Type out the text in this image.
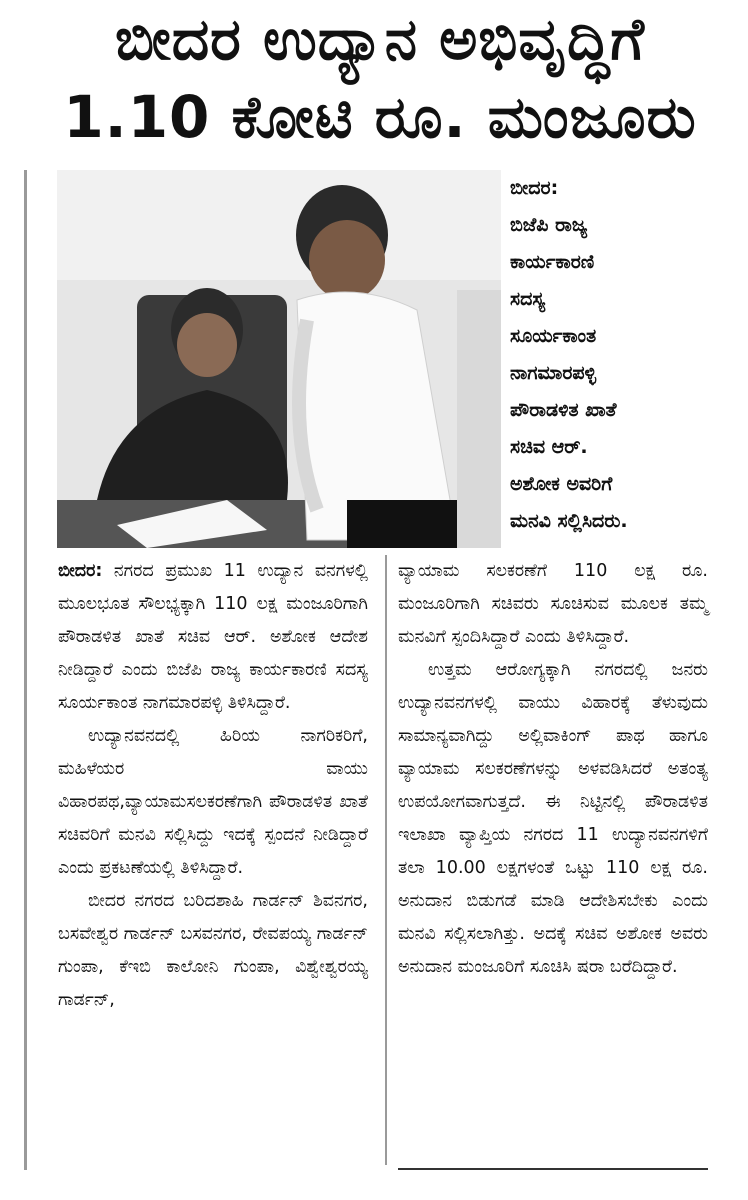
ಬೀದರ ಉದ್ಯಾನ ಅಭಿವೃದ್ಧಿಗೆ
1.10 ಕೋಟಿ ರೂ. ಮಂಜೂರು
ಬೀದರ:
ಬಿಜೆಪಿ ರಾಜ್ಯ
ಕಾರ್ಯಕಾರಣಿ
ಸದಸ್ಯ
ಸೂರ್ಯಕಾಂತ
ನಾಗಮಾರಪಳ್ಳಿ
ಪೌರಾಡಳಿತ ಖಾತೆ
ಸಚಿವ ಆರ್.
ಅಶೋಕ ಅವರಿಗೆ
ಮನವಿ ಸಲ್ಲಿಸಿದರು.

ಬೀದರ: ನಗರದ ಪ್ರಮುಖ 11 ಉದ್ಯಾನ ವನಗಳಲ್ಲಿ ಮೂಲಭೂತ ಸೌಲಭ್ಯಕ್ಕಾಗಿ 110 ಲಕ್ಷ ಮಂಜೂರಿಗಾಗಿ ಪೌರಾಡಳಿತ ಖಾತೆ ಸಚಿವ ಆರ್. ಅಶೋಕ ಆದೇಶ ನೀಡಿದ್ದಾರೆ ಎಂದು ಬಿಜೆಪಿ ರಾಜ್ಯ ಕಾರ್ಯಕಾರಣಿ ಸದಸ್ಯ ಸೂರ್ಯಕಾಂತ ನಾಗಮಾರಪಳ್ಳಿ ತಿಳಿಸಿದ್ದಾರೆ.

ಉದ್ಯಾನವನದಲ್ಲಿ ಹಿರಿಯ ನಾಗರಿಕರಿಗೆ, ಮಹಿಳೆಯರ ವಾಯು ವಿಹಾರಪಥ,ವ್ಯಾಯಾಮಸಲಕರಣೆಗಾಗಿ ಪೌರಾಡಳಿತ ಖಾತೆ ಸಚಿವರಿಗೆ ಮನವಿ ಸಲ್ಲಿಸಿದ್ದು ಇದಕ್ಕೆ ಸ್ಪಂದನೆ ನೀಡಿದ್ದಾರೆ ಎಂದು ಪ್ರಕಟಣೆಯಲ್ಲಿ ತಿಳಿಸಿದ್ದಾರೆ.

ಬೀದರ ನಗರದ ಬರಿದಶಾಹಿ ಗಾರ್ಡನ್ ಶಿವನಗರ, ಬಸವೇಶ್ವರ ಗಾರ್ಡನ್ ಬಸವನಗರ, ರೇವಪಯ್ಯ ಗಾರ್ಡನ್ ಗುಂಪಾ, ಕೆಇಬಿ ಕಾಲೋನಿ ಗುಂಪಾ, ವಿಶ್ವೇಶ್ವರಯ್ಯ ಗಾರ್ಡನ್,

ವ್ಯಾಯಾಮ ಸಲಕರಣೆಗೆ 110 ಲಕ್ಷ ರೂ. ಮಂಜೂರಿಗಾಗಿ ಸಚಿವರು ಸೂಚಿಸುವ ಮೂಲಕ ತಮ್ಮ ಮನವಿಗೆ ಸ್ಪಂದಿಸಿದ್ದಾರೆ ಎಂದು ತಿಳಿಸಿದ್ದಾರೆ.

ಉತ್ತಮ ಆರೋಗ್ಯಕ್ಕಾಗಿ ನಗರದಲ್ಲಿ ಜನರು ಉದ್ಯಾನವನಗಳಲ್ಲಿ ವಾಯು ವಿಹಾರಕ್ಕೆ ತೆಳುವುದು ಸಾಮಾನ್ಯವಾಗಿದ್ದು ಅಲ್ಲಿವಾಕಿಂಗ್ ಪಾಥ ಹಾಗೂ ವ್ಯಾಯಾಮ ಸಲಕರಣೆಗಳನ್ನು ಅಳವಡಿಸಿದರೆ ಅತಂತ್ಯ ಉಪಯೋಗವಾಗುತ್ತದೆ. ಈ ನಿಟ್ಟಿನಲ್ಲಿ ಪೌರಾಡಳಿತ ಇಲಾಖಾ ವ್ಯಾಪ್ತಿಯ ನಗರದ 11 ಉದ್ಯಾನವನಗಳಿಗೆ ತಲಾ 10.00 ಲಕ್ಷಗಳಂತೆ ಒಟ್ಟು 110 ಲಕ್ಷ ರೂ. ಅನುದಾನ ಬಿಡುಗಡೆ ಮಾಡಿ ಆದೇಶಿಸಬೇಕು ಎಂದು ಮನವಿ ಸಲ್ಲಿಸಲಾಗಿತ್ತು. ಅದಕ್ಕೆ ಸಚಿವ ಅಶೋಕ ಅವರು ಅನುದಾನ ಮಂಜೂರಿಗೆ ಸೂಚಿಸಿ ಷರಾ ಬರೆದಿದ್ದಾರೆ.
